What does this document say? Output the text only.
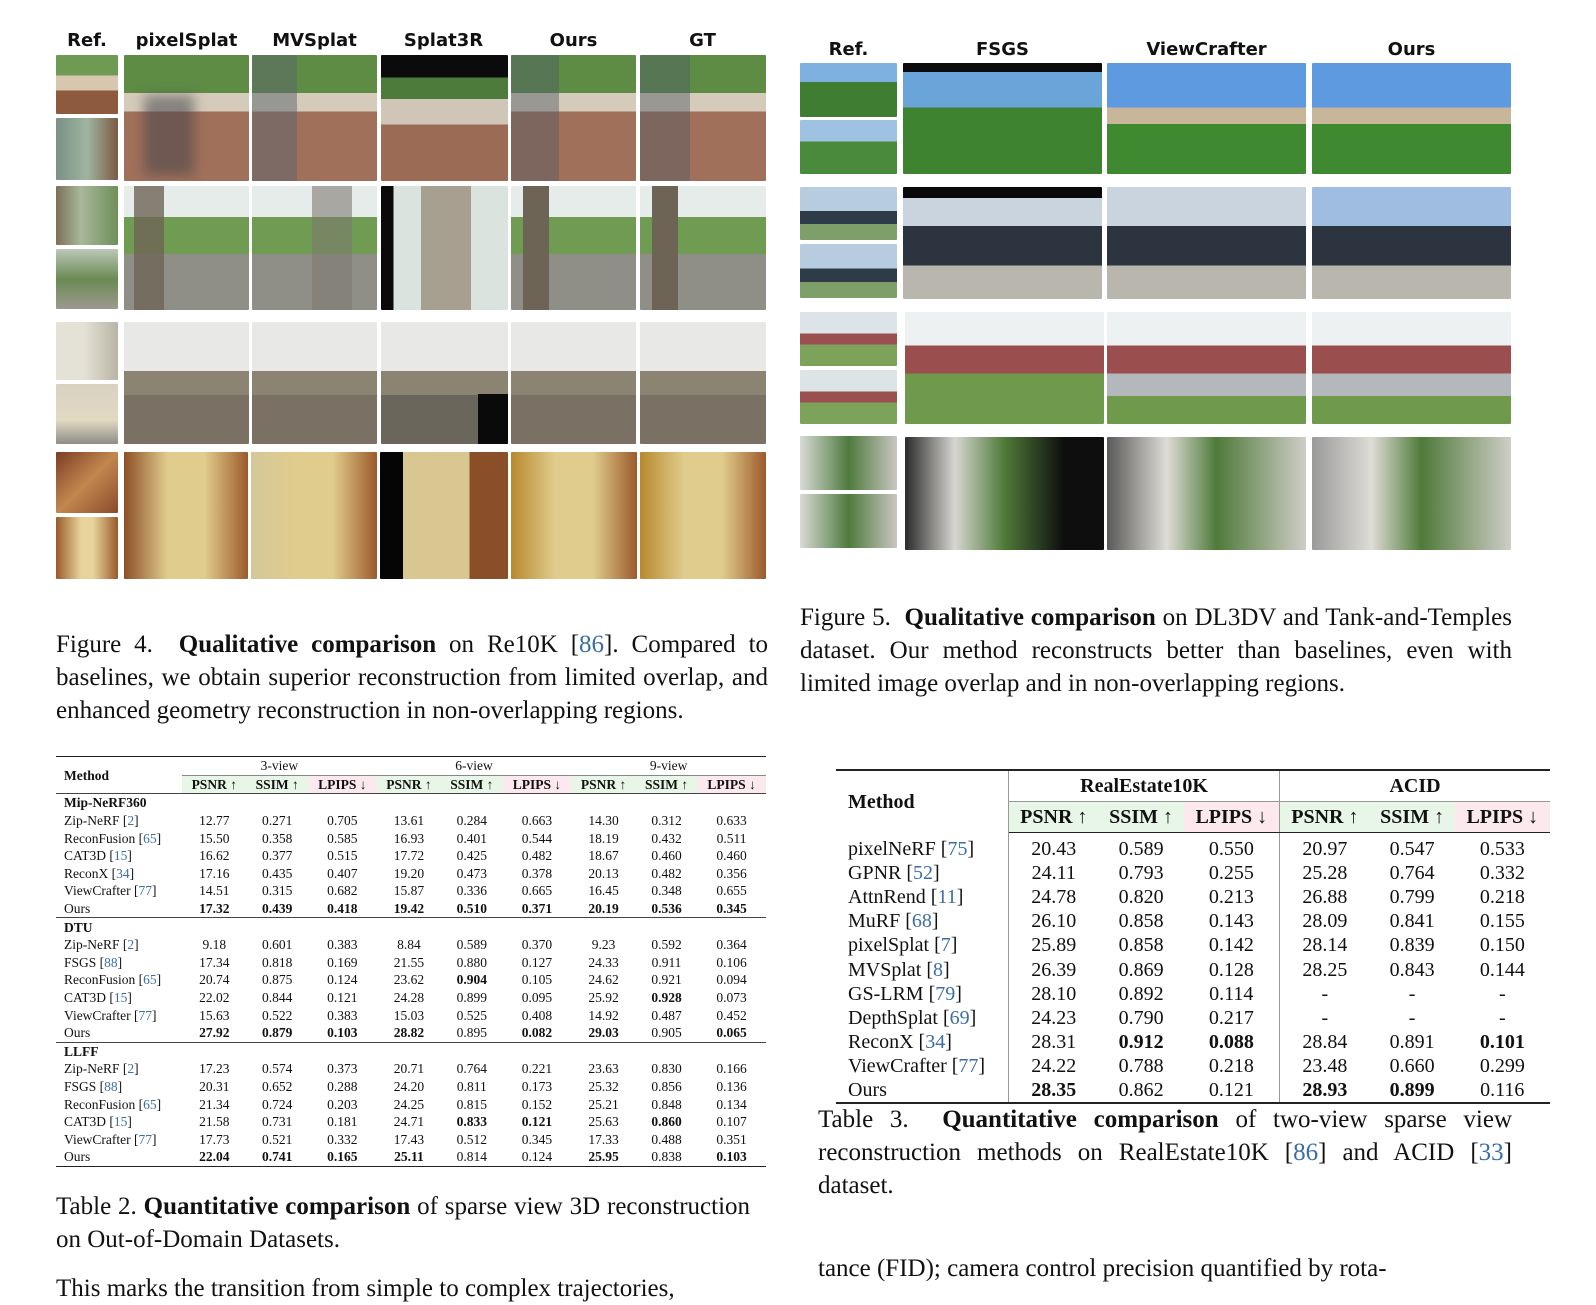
Ref.	pixelSplat	MVSplat	Splat3R	Ours	GT	Ref.	FSGS	ViewCrafter	Ours
Figure 4. Qualitative comparison on Re10K [86]. Compared to baselines, we obtain superior reconstruction from limited overlap, and enhanced geometry reconstruction in non-overlapping regions.
Figure 5. Qualitative comparison on DL3DV and Tank-and-Temples dataset. Our method reconstructs better than baselines, even with limited image overlap and in non-overlapping regions.
Method	3-view			6-view			9-view		
	PSNR ↑	SSIM ↑	LPIPS ↓	PSNR ↑	SSIM ↑	LPIPS ↓	PSNR ↑	SSIM ↑	LPIPS ↓
Mip-NeRF360									
Zip-NeRF [2]	12.77	0.271	0.705	13.61	0.284	0.663	14.30	0.312	0.633
ReconFusion [65]	15.50	0.358	0.585	16.93	0.401	0.544	18.19	0.432	0.511
CAT3D [15]	16.62	0.377	0.515	17.72	0.425	0.482	18.67	0.460	0.460
ReconX [34]	17.16	0.435	0.407	19.20	0.473	0.378	20.13	0.482	0.356
ViewCrafter [77]	14.51	0.315	0.682	15.87	0.336	0.665	16.45	0.348	0.655
Ours	17.32	0.439	0.418	19.42	0.510	0.371	20.19	0.536	0.345
DTU									
Zip-NeRF [2]	9.18	0.601	0.383	8.84	0.589	0.370	9.23	0.592	0.364
FSGS [88]	17.34	0.818	0.169	21.55	0.880	0.127	24.33	0.911	0.106
ReconFusion [65]	20.74	0.875	0.124	23.62	0.904	0.105	24.62	0.921	0.094
CAT3D [15]	22.02	0.844	0.121	24.28	0.899	0.095	25.92	0.928	0.073
ViewCrafter [77]	15.63	0.522	0.383	15.03	0.525	0.408	14.92	0.487	0.452
Ours	27.92	0.879	0.103	28.82	0.895	0.082	29.03	0.905	0.065
LLFF									
Zip-NeRF [2]	17.23	0.574	0.373	20.71	0.764	0.221	23.63	0.830	0.166
FSGS [88]	20.31	0.652	0.288	24.20	0.811	0.173	25.32	0.856	0.136
ReconFusion [65]	21.34	0.724	0.203	24.25	0.815	0.152	25.21	0.848	0.134
CAT3D [15]	21.58	0.731	0.181	24.71	0.833	0.121	25.63	0.860	0.107
ViewCrafter [77]	17.73	0.521	0.332	17.43	0.512	0.345	17.33	0.488	0.351
Ours	22.04	0.741	0.165	25.11	0.814	0.124	25.95	0.838	0.103
Table 2. Quantitative comparison of sparse view 3D reconstruction on Out-of-Domain Datasets.
Method	RealEstate10K			ACID		
	PSNR ↑	SSIM ↑	LPIPS ↓	PSNR ↑	SSIM ↑	LPIPS ↓
pixelNeRF [75]	20.43	0.589	0.550	20.97	0.547	0.533
GPNR [52]	24.11	0.793	0.255	25.28	0.764	0.332
AttnRend [11]	24.78	0.820	0.213	26.88	0.799	0.218
MuRF [68]	26.10	0.858	0.143	28.09	0.841	0.155
pixelSplat [7]	25.89	0.858	0.142	28.14	0.839	0.150
MVSplat [8]	26.39	0.869	0.128	28.25	0.843	0.144
GS-LRM [79]	28.10	0.892	0.114	-	-	-
DepthSplat [69]	24.23	0.790	0.217	-	-	-
ReconX [34]	28.31	0.912	0.088	28.84	0.891	0.101
ViewCrafter [77]	24.22	0.788	0.218	23.48	0.660	0.299
Ours	28.35	0.862	0.121	28.93	0.899	0.116
Table 3. Quantitative comparison of two-view sparse view reconstruction methods on RealEstate10K [86] and ACID [33] dataset.
This marks the transition from simple to complex trajectories,
tance (FID); camera control precision quantified by rota-
